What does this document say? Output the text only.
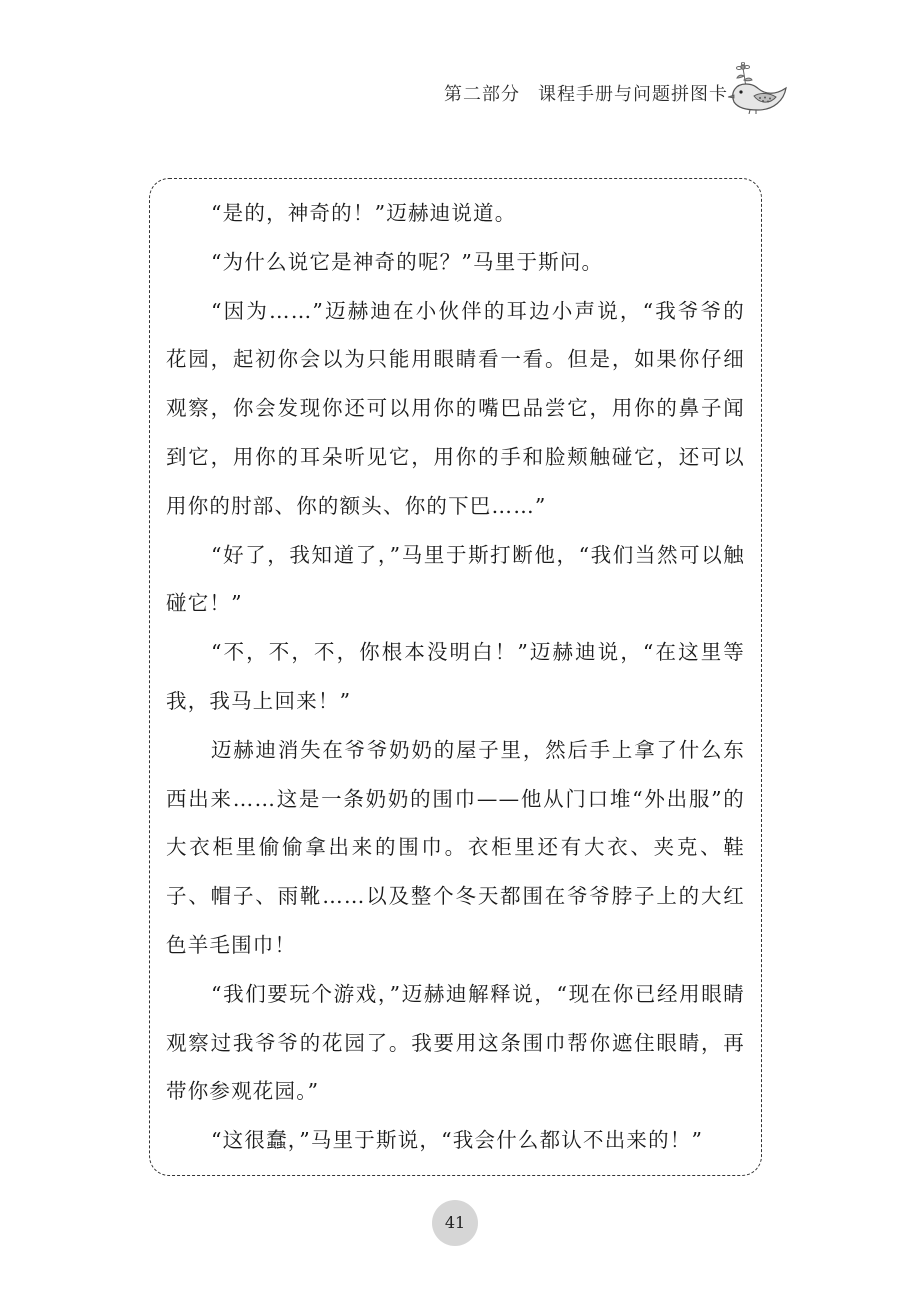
第二部分 课程手册与问题拼图卡

“是的，神奇的！”迈赫迪说道。

“为什么说它是神奇的呢？”马里于斯问。

“因为……”迈赫迪在小伙伴的耳边小声说，“我爷爷的花园，起初你会以为只能用眼睛看一看。但是，如果你仔细观察，你会发现你还可以用你的嘴巴品尝它，用你的鼻子闻到它，用你的耳朵听见它，用你的手和脸颊触碰它，还可以用你的肘部、你的额头、你的下巴……”

“好了，我知道了，”马里于斯打断他，“我们当然可以触碰它！”

“不，不，不，你根本没明白！”迈赫迪说，“在这里等我，我马上回来！”

迈赫迪消失在爷爷奶奶的屋子里，然后手上拿了什么东西出来……这是一条奶奶的围巾——他从门口堆“外出服”的大衣柜里偷偷拿出来的围巾。衣柜里还有大衣、夹克、鞋子、帽子、雨靴……以及整个冬天都围在爷爷脖子上的大红色羊毛围巾！

“我们要玩个游戏，”迈赫迪解释说，“现在你已经用眼睛观察过我爷爷的花园了。我要用这条围巾帮你遮住眼睛，再带你参观花园。”

“这很蠢，”马里于斯说，“我会什么都认不出来的！”

41
